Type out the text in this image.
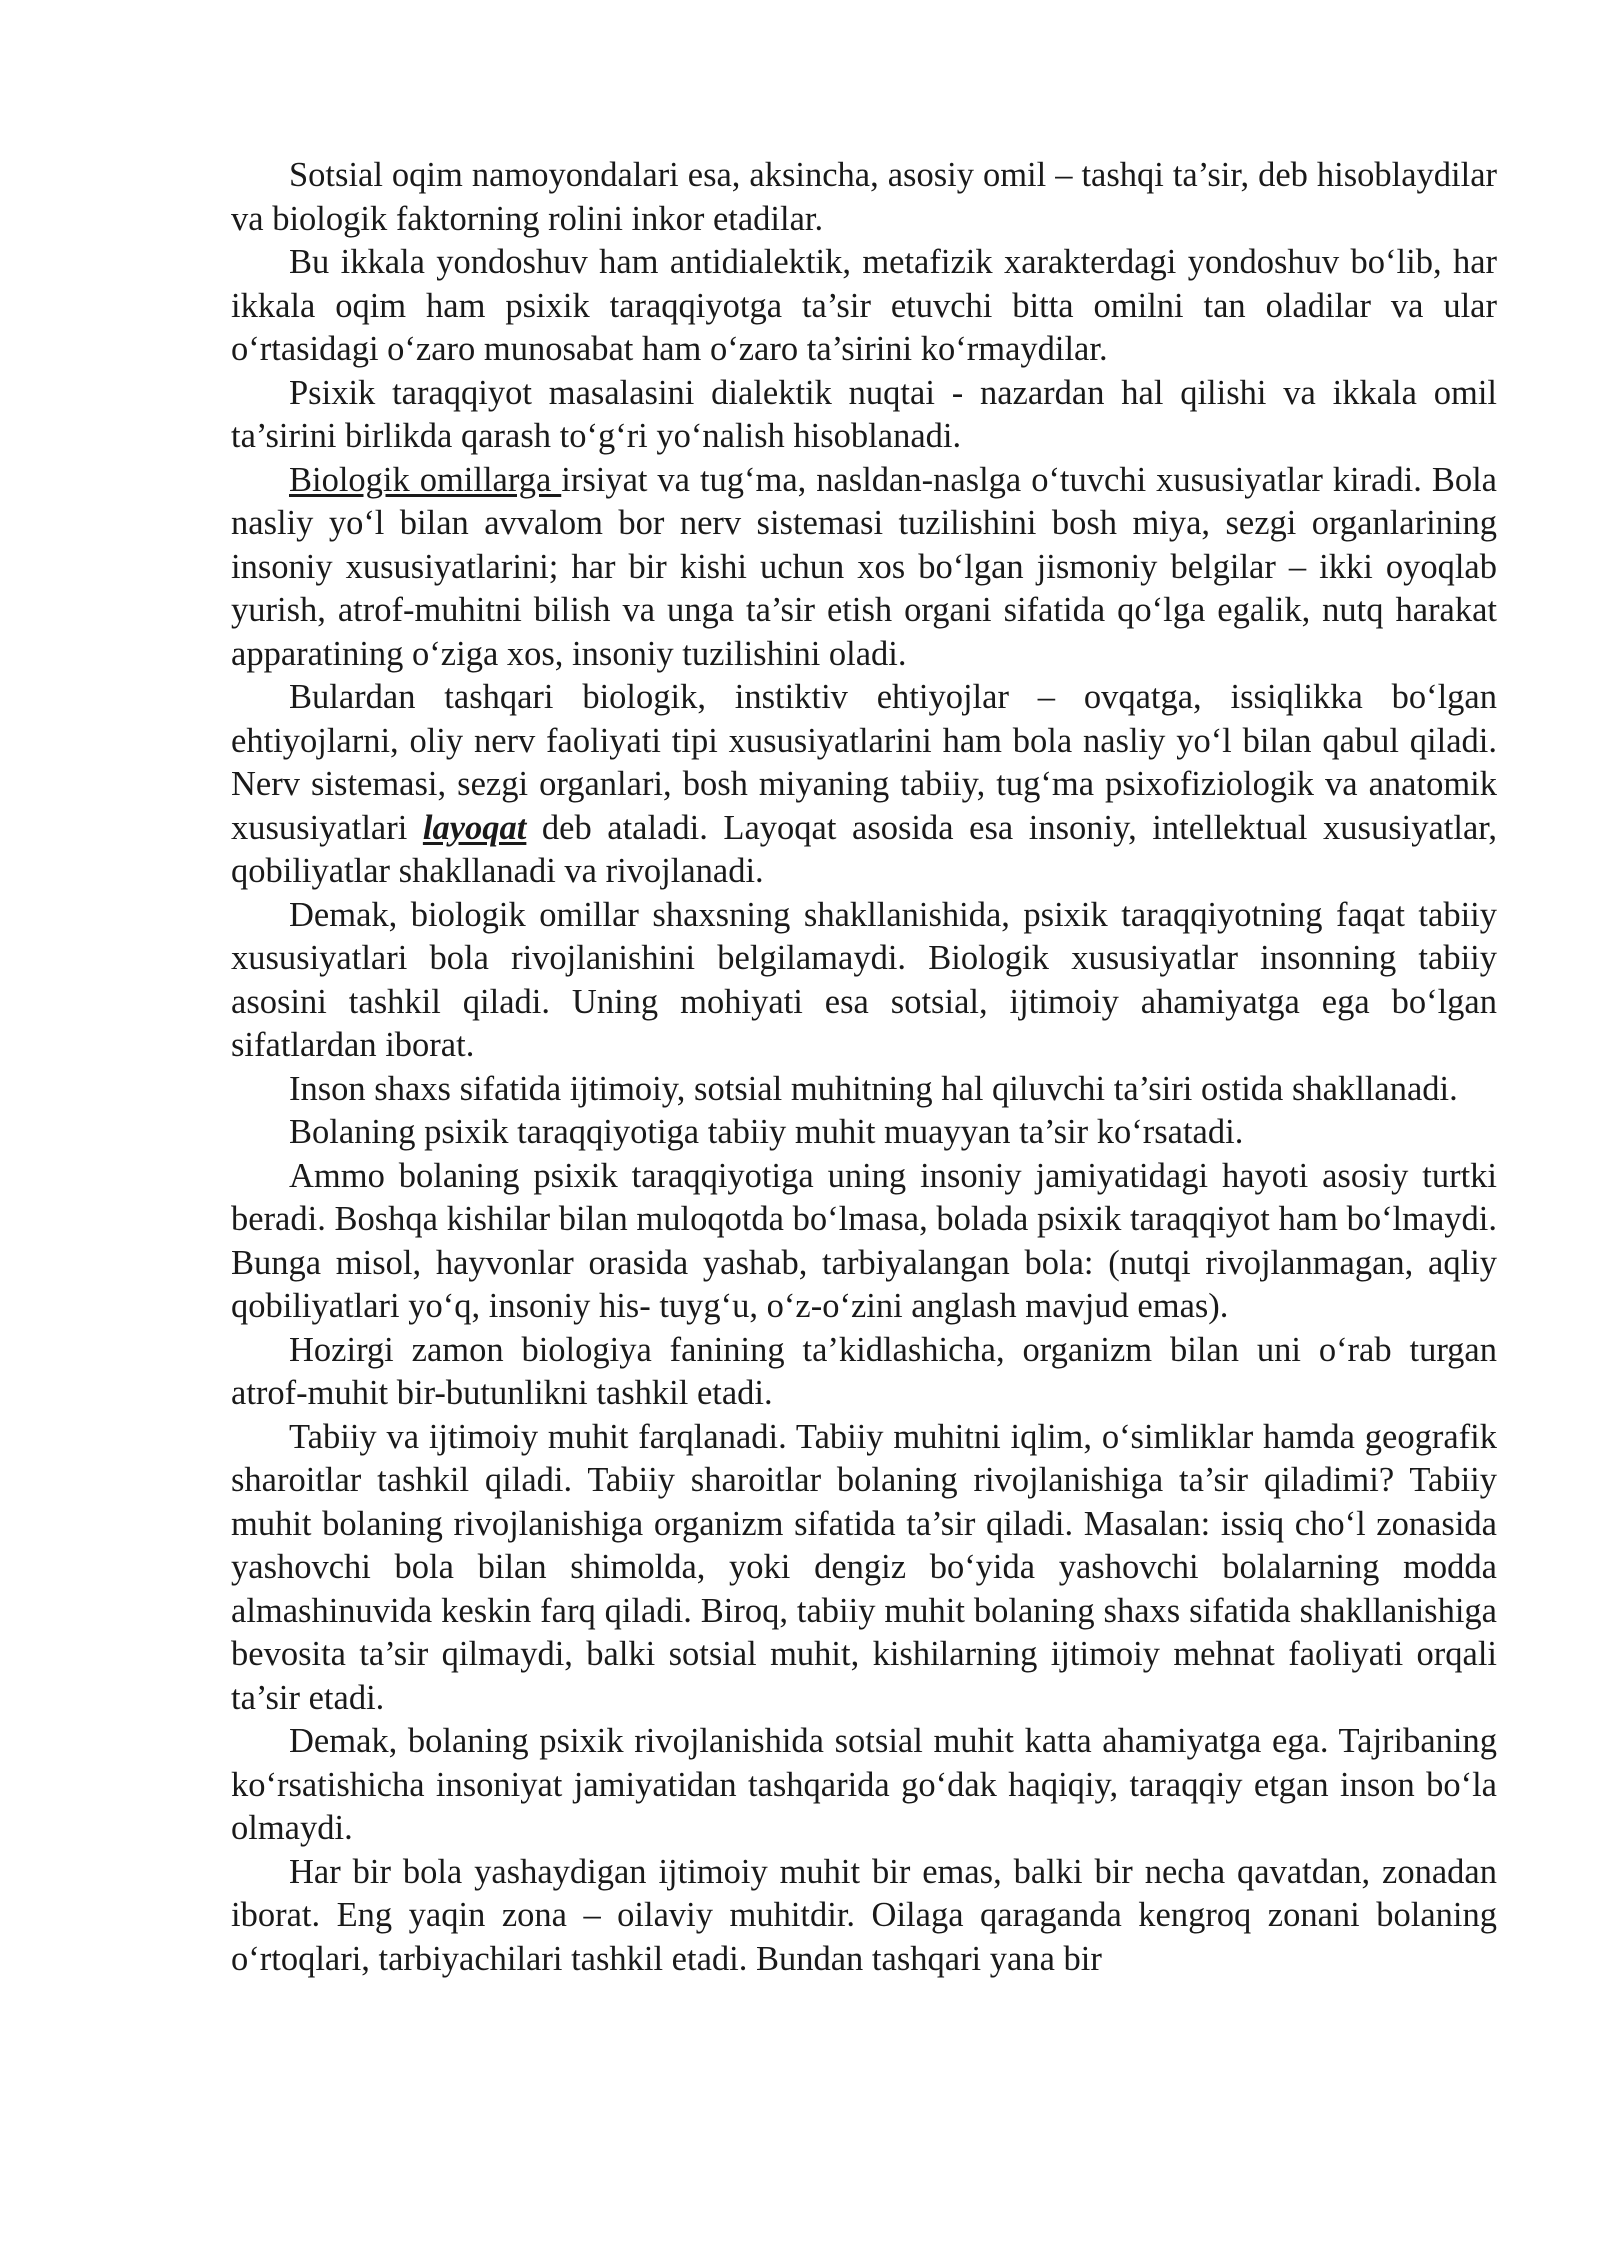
Sotsial oqim namoyondalari esa, aksincha, asosiy omil – tashqi ta’sir, deb hisoblaydilar va biologik faktorning rolini inkor etadilar.

Bu ikkala yondoshuv ham antidialektik, metafizik xarakterdagi yondoshuv bo‘lib, har ikkala oqim ham psixik taraqqiyotga ta’sir etuvchi bitta omilni tan oladilar va ular o‘rtasidagi o‘zaro munosabat ham o‘zaro ta’sirini ko‘rmaydilar.

Psixik taraqqiyot masalasini dialektik nuqtai - nazardan hal qilishi va ikkala omil ta’sirini birlikda qarash to‘g‘ri yo‘nalish hisoblanadi.

Biologik omillarga irsiyat va tug‘ma, nasldan-naslga o‘tuvchi xususiyatlar kiradi. Bola nasliy yo‘l bilan avvalom bor nerv sistemasi tuzilishini bosh miya, sezgi organlarining insoniy xususiyatlarini; har bir kishi uchun xos bo‘lgan jismoniy belgilar – ikki oyoqlab yurish, atrof-muhitni bilish va unga ta’sir etish organi sifatida qo‘lga egalik, nutq harakat apparatining o‘ziga xos, insoniy tuzilishini oladi.

Bulardan tashqari biologik, instiktiv ehtiyojlar – ovqatga, issiqlikka bo‘lgan ehtiyojlarni, oliy nerv faoliyati tipi xususiyatlarini ham bola nasliy yo‘l bilan qabul qiladi. Nerv sistemasi, sezgi organlari, bosh miyaning tabiiy, tug‘ma psixofiziologik va anatomik xususiyatlari layoqat deb ataladi. Layoqat asosida esa insoniy, intellektual xususiyatlar, qobiliyatlar shakllanadi va rivojlanadi.

Demak, biologik omillar shaxsning shakllanishida, psixik taraqqiyotning faqat tabiiy xususiyatlari bola rivojlanishini belgilamaydi. Biologik xususiyatlar insonning tabiiy asosini tashkil qiladi. Uning mohiyati esa sotsial, ijtimoiy ahamiyatga ega bo‘lgan sifatlardan iborat.

Inson shaxs sifatida ijtimoiy, sotsial muhitning hal qiluvchi ta’siri ostida shakllanadi.

Bolaning psixik taraqqiyotiga tabiiy muhit muayyan ta’sir ko‘rsatadi.

Ammo bolaning psixik taraqqiyotiga uning insoniy jamiyatidagi hayoti asosiy turtki beradi. Boshqa kishilar bilan muloqotda bo‘lmasa, bolada psixik taraqqiyot ham bo‘lmaydi. Bunga misol, hayvonlar orasida yashab, tarbiyalangan bola: (nutqi rivojlanmagan, aqliy qobiliyatlari yo‘q, insoniy his- tuyg‘u, o‘z-o‘zini anglash mavjud emas).

Hozirgi zamon biologiya fanining ta’kidlashicha, organizm bilan uni o‘rab turgan atrof-muhit bir-butunlikni tashkil etadi.

Tabiiy va ijtimoiy muhit farqlanadi. Tabiiy muhitni iqlim, o‘simliklar hamda geografik sharoitlar tashkil qiladi. Tabiiy sharoitlar bolaning rivojlanishiga ta’sir qiladimi? Tabiiy muhit bolaning rivojlanishiga organizm sifatida ta’sir qiladi. Masalan: issiq cho‘l zonasida yashovchi bola bilan shimolda, yoki dengiz bo‘yida yashovchi bolalarning modda almashinuvida keskin farq qiladi. Biroq, tabiiy muhit bolaning shaxs sifatida shakllanishiga bevosita ta’sir qilmaydi, balki sotsial muhit, kishilarning ijtimoiy mehnat faoliyati orqali ta’sir etadi.

Demak, bolaning psixik rivojlanishida sotsial muhit katta ahamiyatga ega. Tajribaning ko‘rsatishicha insoniyat jamiyatidan tashqarida go‘dak haqiqiy, taraqqiy etgan inson bo‘la olmaydi.

Har bir bola yashaydigan ijtimoiy muhit bir emas, balki bir necha qavatdan, zonadan iborat. Eng yaqin zona – oilaviy muhitdir. Oilaga qaraganda kengroq zonani bolaning o‘rtoqlari, tarbiyachilari tashkil etadi. Bundan tashqari yana bir
